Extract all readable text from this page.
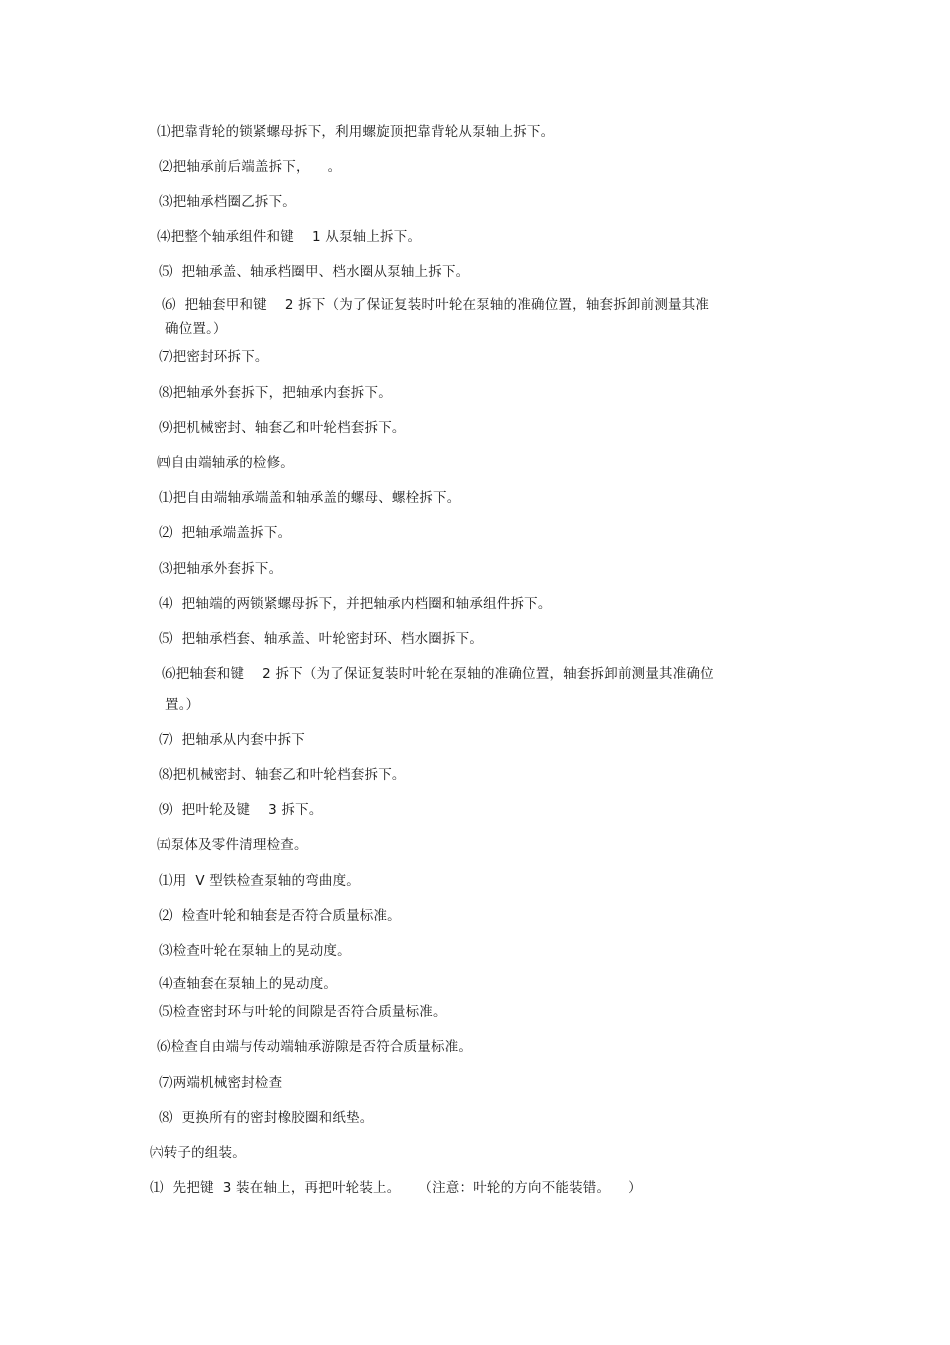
⑴把靠背轮的锁紧螺母拆下，利用螺旋顶把靠背轮从泵轴上拆下。
⑵把轴承前后端盖拆下，    。
⑶把轴承档圈乙拆下。
⑷把整个轴承组件和键    1 从泵轴上拆下。
⑸  把轴承盖、轴承档圈甲、档水圈从泵轴上拆下。
⑹  把轴套甲和键    2 拆下（为了保证复装时叶轮在泵轴的准确位置，轴套拆卸前测量其准
确位置。）
⑺把密封环拆下。
⑻把轴承外套拆下，把轴承内套拆下。
⑼把机械密封、轴套乙和叶轮档套拆下。
㈣自由端轴承的检修。
⑴把自由端轴承端盖和轴承盖的螺母、螺栓拆下。
⑵  把轴承端盖拆下。
⑶把轴承外套拆下。
⑷  把轴端的两锁紧螺母拆下，并把轴承内档圈和轴承组件拆下。
⑸  把轴承档套、轴承盖、叶轮密封环、档水圈拆下。
⑹把轴套和键    2 拆下（为了保证复装时叶轮在泵轴的准确位置，轴套拆卸前测量其准确位
置。）
⑺  把轴承从内套中拆下
⑻把机械密封、轴套乙和叶轮档套拆下。
⑼  把叶轮及键    3 拆下。
㈤泵体及零件清理检查。
⑴用  V 型铁检查泵轴的弯曲度。
⑵  检查叶轮和轴套是否符合质量标准。
⑶检查叶轮在泵轴上的晃动度。
⑷查轴套在泵轴上的晃动度。
⑸检查密封环与叶轮的间隙是否符合质量标准。
⑹检查自由端与传动端轴承游隙是否符合质量标准。
⑺两端机械密封检查
⑻  更换所有的密封橡胶圈和纸垫。
㈥转子的组装。
⑴  先把键  3 装在轴上，再把叶轮装上。    （注意：叶轮的方向不能装错。    ）
